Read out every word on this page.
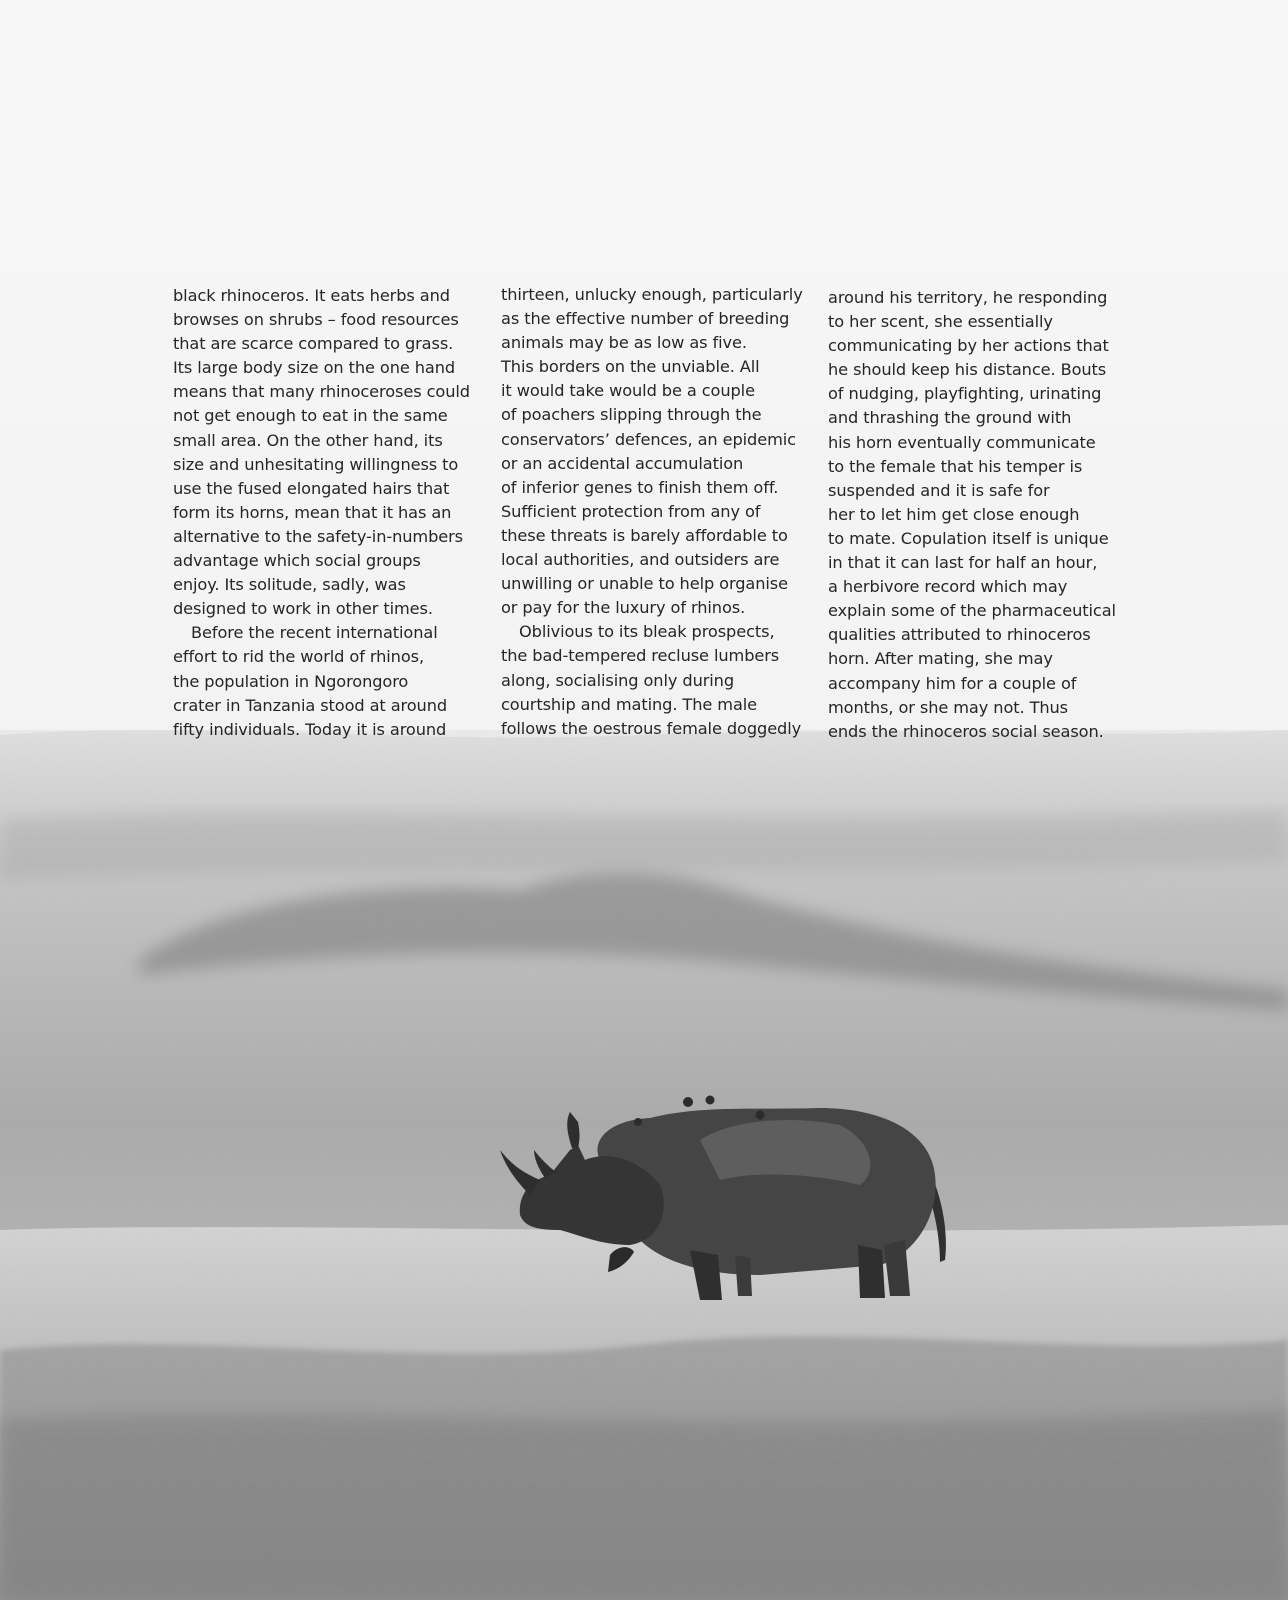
black rhinoceros. It eats herbs and
browses on shrubs – food resources
that are scarce compared to grass.
Its large body size on the one hand
means that many rhinoceroses could
not get enough to eat in the same
small area. On the other hand, its
size and unhesitating willingness to
use the fused elongated hairs that
form its horns, mean that it has an
alternative to the safety-in-numbers
advantage which social groups
enjoy. Its solitude, sadly, was
designed to work in other times.
Before the recent international
effort to rid the world of rhinos,
the population in Ngorongoro
crater in Tanzania stood at around
fifty individuals. Today it is around
thirteen, unlucky enough, particularly
as the effective number of breeding
animals may be as low as five.
This borders on the unviable. All
it would take would be a couple
of poachers slipping through the
conservators’ defences, an epidemic
or an accidental accumulation
of inferior genes to finish them off.
Sufficient protection from any of
these threats is barely affordable to
local authorities, and outsiders are
unwilling or unable to help organise
or pay for the luxury of rhinos.
Oblivious to its bleak prospects,
the bad-tempered recluse lumbers
along, socialising only during
courtship and mating. The male
follows the oestrous female doggedly
around his territory, he responding
to her scent, she essentially
communicating by her actions that
he should keep his distance. Bouts
of nudging, playfighting, urinating
and thrashing the ground with
his horn eventually communicate
to the female that his temper is
suspended and it is safe for
her to let him get close enough
to mate. Copulation itself is unique
in that it can last for half an hour,
a herbivore record which may
explain some of the pharmaceutical
qualities attributed to rhinoceros
horn. After mating, she may
accompany him for a couple of
months, or she may not. Thus
ends the rhinoceros social season.
